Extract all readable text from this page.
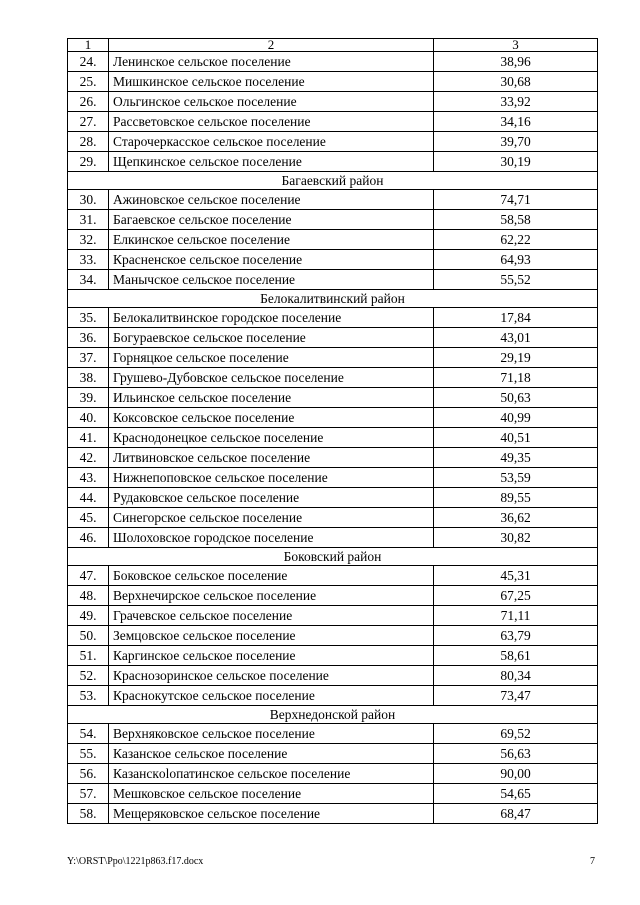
1	2	3
24.	Ленинское сельское поселение	38,96
25.	Мишкинское сельское поселение	30,68
26.	Ольгинское сельское поселение	33,92
27.	Рассветовское сельское поселение	34,16
28.	Старочеркасское сельское поселение	39,70
29.	Щепкинское сельское поселение	30,19
Багаевский район		
30.	Ажиновское сельское поселение	74,71
31.	Багаевское сельское поселение	58,58
32.	Елкинское сельское поселение	62,22
33.	Красненское сельское поселение	64,93
34.	Манычское сельское поселение	55,52
Белокалитвинский район		
35.	Белокалитвинское городское поселение	17,84
36.	Богураевское сельское поселение	43,01
37.	Горняцкое сельское поселение	29,19
38.	Грушево-Дубовское сельское поселение	71,18
39.	Ильинское сельское поселение	50,63
40.	Коксовское сельское поселение	40,99
41.	Краснодонецкое сельское поселение	40,51
42.	Литвиновское сельское поселение	49,35
43.	Нижнепоповское сельское поселение	53,59
44.	Рудаковское сельское поселение	89,55
45.	Синегорское сельское поселение	36,62
46.	Шолоховское городское поселение	30,82
Боковский район		
47.	Боковское сельское поселение	45,31
48.	Верхнечирское сельское поселение	67,25
49.	Грачевское сельское поселение	71,11
50.	Земцовское сельское поселение	63,79
51.	Каргинское сельское поселение	58,61
52.	Краснозоринское сельское поселение	80,34
53.	Краснокутское сельское поселение	73,47
Верхнедонской район		
54.	Верхняковское сельское поселение	69,52
55.	Казанское сельское поселение	56,63
56.	Казанскolопатинское сельское поселение	90,00
57.	Мешковское сельское поселение	54,65
58.	Мещеряковское сельское поселение	68,47
Y:\ORST\Ppo\1221p863.f17.docx	7
